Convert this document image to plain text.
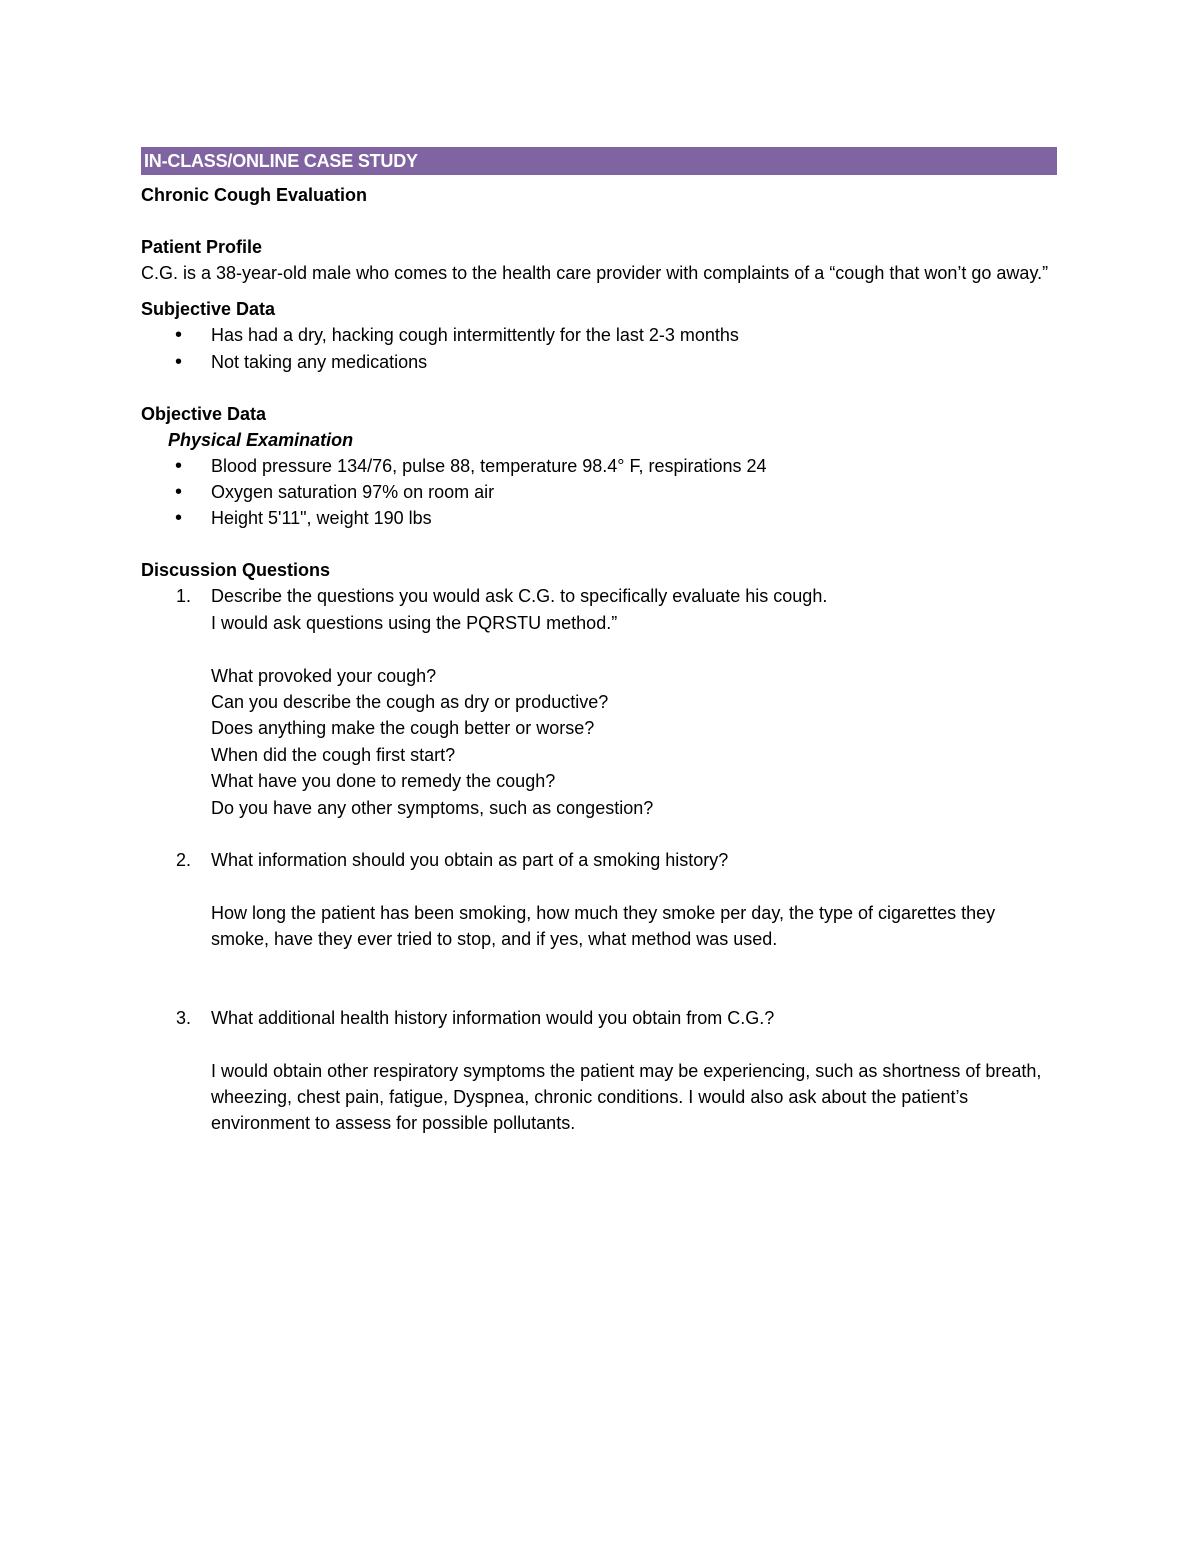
IN-CLASS/ONLINE CASE STUDY
Chronic Cough Evaluation
Patient Profile
C.G. is a 38-year-old male who comes to the health care provider with complaints of a “cough that won’t go away.”
Subjective Data
• Has had a dry, hacking cough intermittently for the last 2-3 months
• Not taking any medications
Objective Data
Physical Examination
• Blood pressure 134/76, pulse 88, temperature 98.4° F, respirations 24
• Oxygen saturation 97% on room air
• Height 5'11", weight 190 lbs
Discussion Questions
1. Describe the questions you would ask C.G. to specifically evaluate his cough.
I would ask questions using the PQRSTU method.”

What provoked your cough?
Can you describe the cough as dry or productive?
Does anything make the cough better or worse?
When did the cough first start?
What have you done to remedy the cough?
Do you have any other symptoms, such as congestion?
2. What information should you obtain as part of a smoking history?

How long the patient has been smoking, how much they smoke per day, the type of cigarettes they smoke, have they ever tried to stop, and if yes, what method was used.
3. What additional health history information would you obtain from C.G.?

I would obtain other respiratory symptoms the patient may be experiencing, such as shortness of breath, wheezing, chest pain, fatigue, Dyspnea, chronic conditions. I would also ask about the patient’s environment to assess for possible pollutants.
